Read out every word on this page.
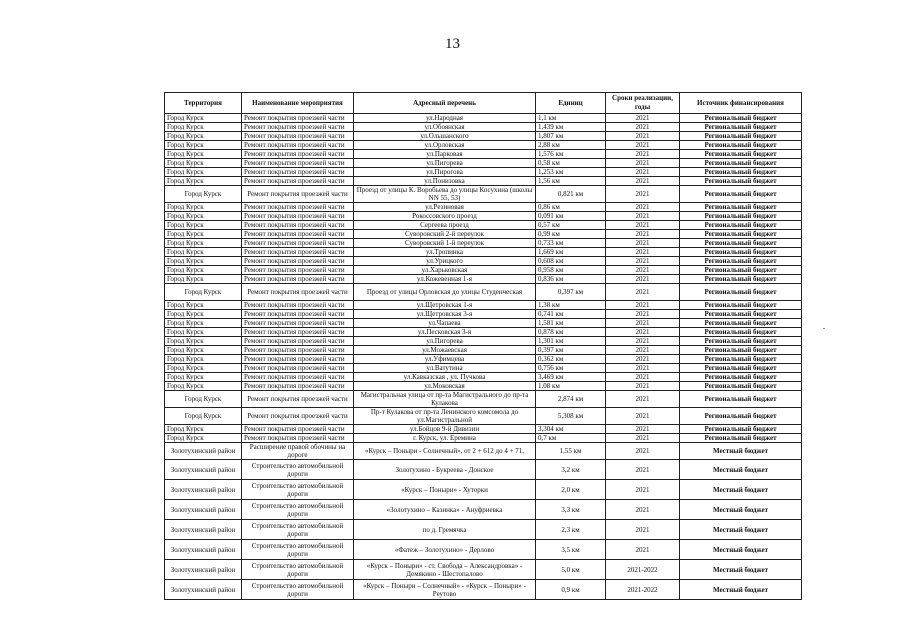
13
Территория	Наименование мероприятия	Адресный перечень	Единиц	Сроки реализации, годы	Источник финансирования
Город Курск	Ремонт покрытия проезжей части	ул.Народная	1,1 км	2021	Региональный бюджет
Город Курск	Ремонт покрытия проезжей части	ул.Обоянская	1,439 км	2021	Региональный бюджет
Город Курск	Ремонт покрытия проезжей части	ул.Ольшанского	1,807 км	2021	Региональный бюджет
Город Курск	Ремонт покрытия проезжей части	ул.Орловская	2,88 км	2021	Региональный бюджет
Город Курск	Ремонт покрытия проезжей части	ул.Парковая	1,576 км	2021	Региональный бюджет
Город Курск	Ремонт покрытия проезжей части	ул.Пигорева	0,58 км	2021	Региональный бюджет
Город Курск	Ремонт покрытия проезжей части	ул.Пирогова	1,253 км	2021	Региональный бюджет
Город Курск	Ремонт покрытия проезжей части	ул.Понизовка	1,56 км	2021	Региональный бюджет
Город Курск	Ремонт покрытия проезжей части	Проезд от улицы К. Воробьева до улицы Косухина (школы NN 55, 53)	0,821 км	2021	Региональный бюджет
Город Курск	Ремонт покрытия проезжей части	ул.Резиновая	0,86 км	2021	Региональный бюджет
Город Курск	Ремонт покрытия проезжей части	Рокоссовского проезд	0,091 км	2021	Региональный бюджет
Город Курск	Ремонт покрытия проезжей части	Сергеева проезд	0,57 км	2021	Региональный бюджет
Город Курск	Ремонт покрытия проезжей части	Суворовский 2-й переулок	0,99 км	2021	Региональный бюджет
Город Курск	Ремонт покрытия проезжей части	Суворовский 1-й переулок	0,733 км	2021	Региональный бюджет
Город Курск	Ремонт покрытия проезжей части	ул.Тропинка	1,669 км	2021	Региональный бюджет
Город Курск	Ремонт покрытия проезжей части	ул.Урицкого	0,608 км	2021	Региональный бюджет
Город Курск	Ремонт покрытия проезжей части	ул.Харьковская	0,958 км	2021	Региональный бюджет
Город Курск	Ремонт покрытия проезжей части	ул.Кожевенная 1-я	0,836 км	2021	Региональный бюджет
Город Курск	Ремонт покрытия проезжей части	Проезд от улицы Орловская до улицы Студенческая	0,397 км	2021	Региональный бюджет
Город Курск	Ремонт покрытия проезжей части	ул.Щетровская 1-я	1,38 км	2021	Региональный бюджет
Город Курск	Ремонт покрытия проезжей части	ул.Щетровская 3-я	0,741 км	2021	Региональный бюджет
Город Курск	Ремонт покрытия проезжей части	ул.Чапаева	1,581 км	2021	Региональный бюджет
Город Курск	Ремонт покрытия проезжей части	ул.Песковская 3-я	0,878 км	2021	Региональный бюджет
Город Курск	Ремонт покрытия проезжей части	ул.Пигорева	1,301 км	2021	Региональный бюджет
Город Курск	Ремонт покрытия проезжей части	ул.Можаевская	0,397 км	2021	Региональный бюджет
Город Курск	Ремонт покрытия проезжей части	ул.Уфимцева	0,362 км	2021	Региональный бюджет
Город Курск	Ремонт покрытия проезжей части	ул.Ватутина	0,756 км	2021	Региональный бюджет
Город Курск	Ремонт покрытия проезжей части	ул.Кавказская , ул. Пучкова	3,469 км	2021	Региональный бюджет
Город Курск	Ремонт покрытия проезжей части	ул.Моковская	1,08 км	2021	Региональный бюджет
Город Курск	Ремонт покрытия проезжей части	Магистральная улица от пр-та Магистрального до пр-та Кулакова	2,874 км	2021	Региональный бюджет
Город Курск	Ремонт покрытия проезжей части	Пр-т Кулакова от пр-та Ленинского комсомола до ул.Магистральной	5,308 км	2021	Региональный бюджет
Город Курск	Ремонт покрытия проезжей части	ул.Бойцов 9-й Дивизии	3,304 км	2021	Региональный бюджет
Город Курск	Ремонт покрытия проезжей части	г. Курск, ул. Еремина	0,7 км	2021	Региональный бюджет
Золотухинский район	Расширение правой обочины на дороге	«Курск – Поныри - Солнечный», от 2 + 612 до 4 + 71,	1,55 км	2021	Местный бюджет
Золотухинский район	Строительство автомобильной дороги	Золотухино - Букреева - Донское	3,2 км	2021	Местный бюджет
Золотухинский район	Строительство автомобильной дороги	«Курск – Поныри» - Хуторки	2,0 км	2021	Местный бюджет
Золотухинский район	Строительство автомобильной дороги	«Золотухино – Казинка» - Ануфриевка	3,3 км	2021	Местный бюджет
Золотухинский район	Строительство автомобильной дороги	по д. Гремячка	2,3 км	2021	Местный бюджет
Золотухинский район	Строительство автомобильной дороги	«Фатеж – Золотухино» - Дерлово	3,5 км	2021	Местный бюджет
Золотухинский район	Строительство автомобильной дороги	«Курск – Поныри» - ст. Свобода – Александровка» - Демякино - Шестопалово	5,0 км	2021-2022	Местный бюджет
Золотухинский район	Строительство автомобильной дороги	«Курск – Поныри – Солнечный» - «Курск – Поныри» - Реутово	0,9 км	2021-2022	Местный бюджет
